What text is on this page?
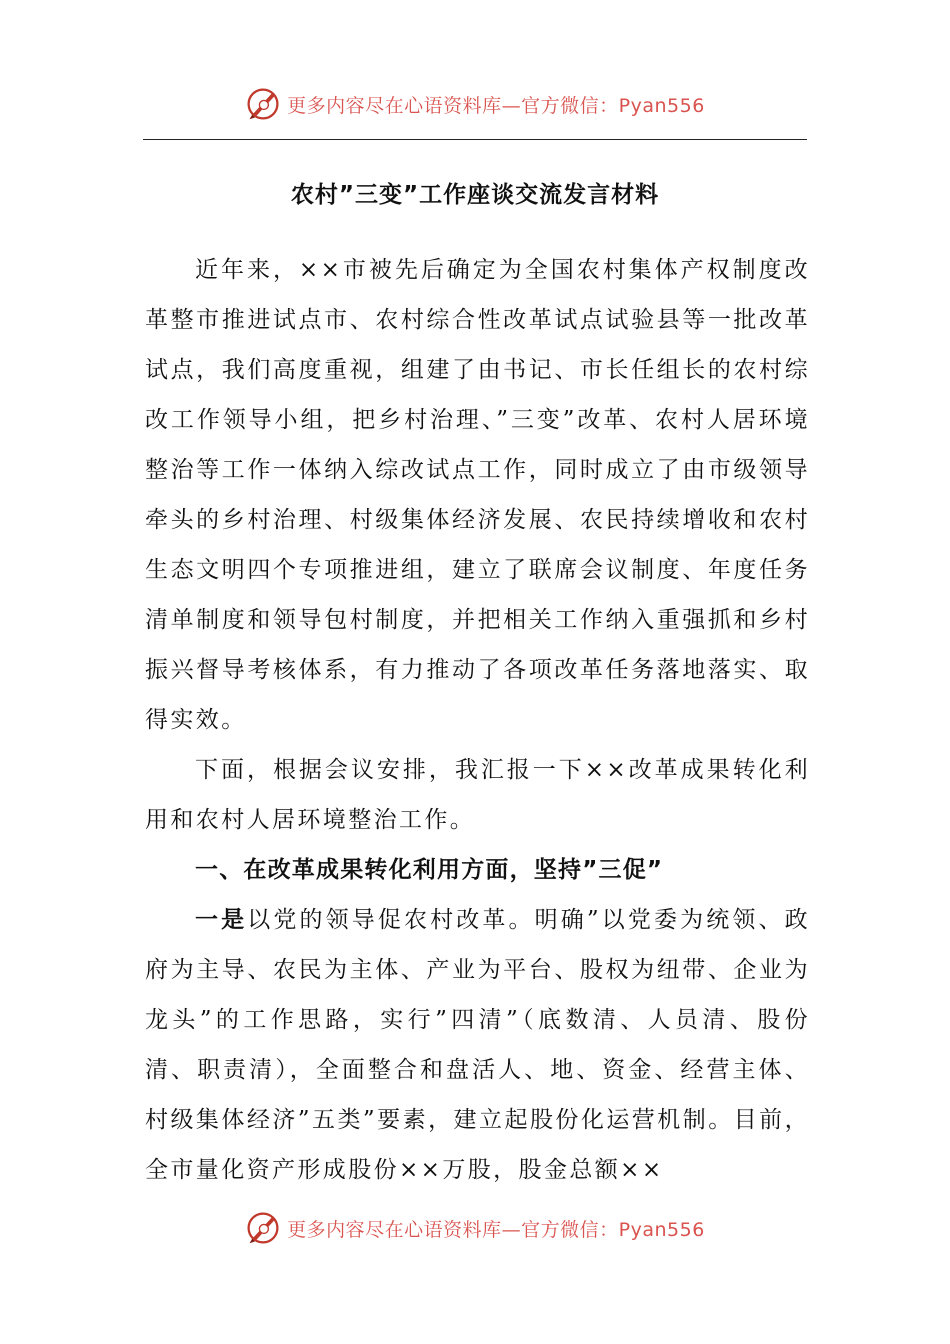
更多内容尽在心语资料库—官方微信：Pyan556
农村”三变”工作座谈交流发言材料

近年来，××市被先后确定为全国农村集体产权制度改革整市推进试点市、农村综合性改革试点试验县等一批改革试点，我们高度重视，组建了由书记、市长任组长的农村综改工作领导小组，把乡村治理、”三变”改革、农村人居环境整治等工作一体纳入综改试点工作，同时成立了由市级领导牵头的乡村治理、村级集体经济发展、农民持续增收和农村生态文明四个专项推进组，建立了联席会议制度、年度任务清单制度和领导包村制度，并把相关工作纳入重强抓和乡村振兴督导考核体系，有力推动了各项改革任务落地落实、取得实效。

下面，根据会议安排，我汇报一下××改革成果转化利用和农村人居环境整治工作。

一、在改革成果转化利用方面，坚持”三促”

一是以党的领导促农村改革。明确”以党委为统领、政府为主导、农民为主体、产业为平台、股权为纽带、企业为龙头”的工作思路，实行”四清”（底数清、人员清、股份清、职责清），全面整合和盘活人、地、资金、经营主体、村级集体经济”五类”要素，建立起股份化运营机制。目前，全市量化资产形成股份××万股，股金总额××

更多内容尽在心语资料库—官方微信：Pyan556
